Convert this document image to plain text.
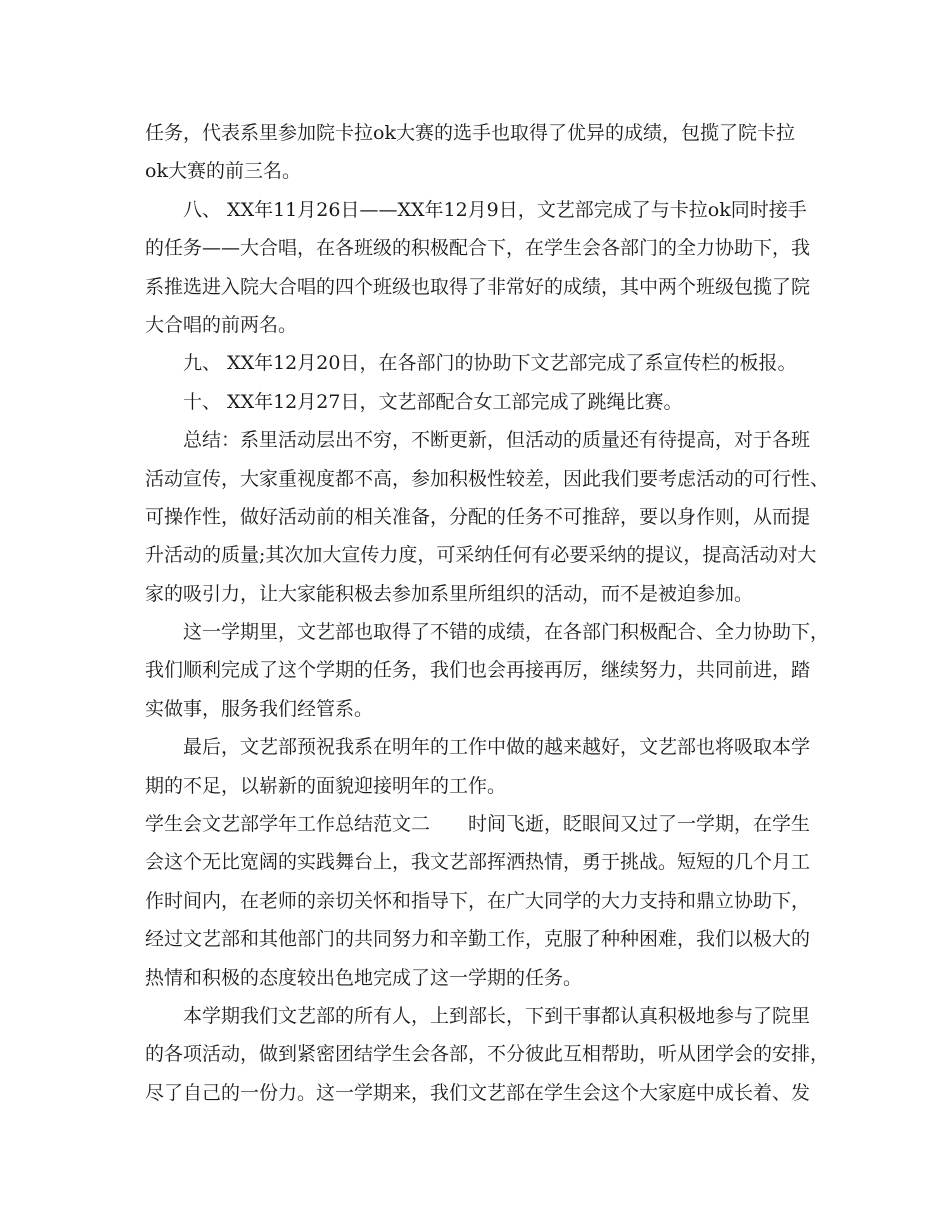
任务，代表系里参加院卡拉ok大赛的选手也取得了优异的成绩，包揽了院卡拉
ok大赛的前三名。
八、 XX年11月26日——XX年12月9日，文艺部完成了与卡拉ok同时接手
的任务——大合唱，在各班级的积极配合下，在学生会各部门的全力协助下，我
系推选进入院大合唱的四个班级也取得了非常好的成绩，其中两个班级包揽了院
大合唱的前两名。
九、 XX年12月20日，在各部门的协助下文艺部完成了系宣传栏的板报。
十、 XX年12月27日，文艺部配合女工部完成了跳绳比赛。
总结：系里活动层出不穷，不断更新，但活动的质量还有待提高，对于各班
活动宣传，大家重视度都不高，参加积极性较差，因此我们要考虑活动的可行性、
可操作性，做好活动前的相关准备，分配的任务不可推辞，要以身作则，从而提
升活动的质量;其次加大宣传力度，可采纳任何有必要采纳的提议，提高活动对大
家的吸引力，让大家能积极去参加系里所组织的活动，而不是被迫参加。
这一学期里，文艺部也取得了不错的成绩，在各部门积极配合、全力协助下，
我们顺利完成了这个学期的任务，我们也会再接再厉，继续努力，共同前进，踏
实做事，服务我们经管系。
最后，文艺部预祝我系在明年的工作中做的越来越好，文艺部也将吸取本学
期的不足，以崭新的面貌迎接明年的工作。
学生会文艺部学年工作总结范文二　　时间飞逝，眨眼间又过了一学期，在学生
会这个无比宽阔的实践舞台上，我文艺部挥洒热情，勇于挑战。短短的几个月工
作时间内，在老师的亲切关怀和指导下，在广大同学的大力支持和鼎立协助下，
经过文艺部和其他部门的共同努力和辛勤工作，克服了种种困难，我们以极大的
热情和积极的态度较出色地完成了这一学期的任务。
本学期我们文艺部的所有人，上到部长，下到干事都认真积极地参与了院里
的各项活动，做到紧密团结学生会各部，不分彼此互相帮助，听从团学会的安排，
尽了自己的一份力。这一学期来，我们文艺部在学生会这个大家庭中成长着、发
